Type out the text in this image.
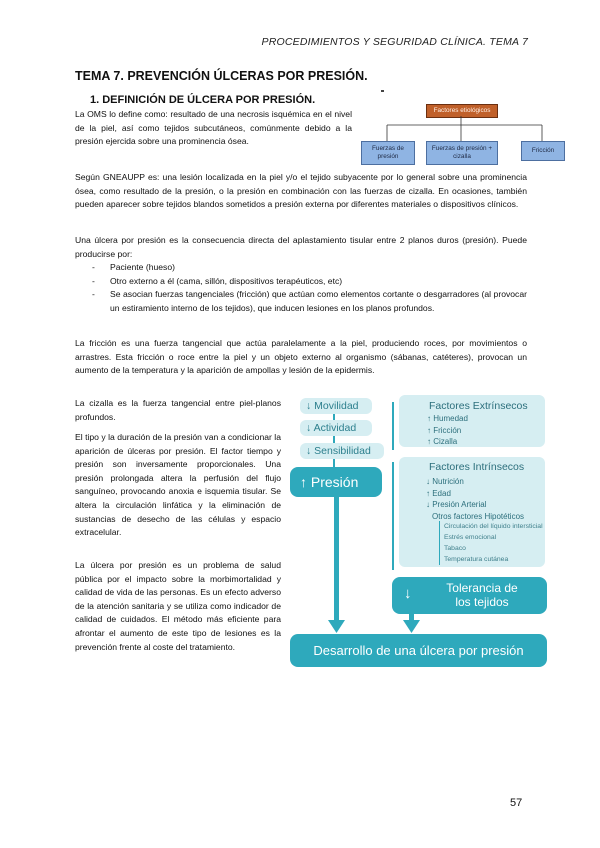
PROCEDIMIENTOS Y SEGURIDAD CLÍNICA. TEMA 7
TEMA 7. PREVENCIÓN ÚLCERAS POR PRESIÓN.
1. DEFINICIÓN DE ÚLCERA POR PRESIÓN.
La OMS lo define como: resultado de una necrosis isquémica en el nivel de la piel, así como tejidos subcutáneos, comúnmente debido a la presión ejercida sobre una prominencia ósea.
Factores etiológicos
Fuerzas de presión
Fuerzas de presión + cizalla
Fricción
Según GNEAUPP es: una lesión localizada en la piel y/o el tejido subyacente por lo general sobre una prominencia ósea, como resultado de la presión, o la presión en combinación con las fuerzas de cizalla. En ocasiones, también pueden aparecer sobre tejidos blandos sometidos a presión externa por diferentes materiales o dispositivos clínicos.
Una úlcera por presión es la consecuencia directa del aplastamiento tisular entre 2 planos duros (presión). Puede producirse por:
- Paciente (hueso)
- Otro externo a él (cama, sillón, dispositivos terapéuticos, etc)
- Se asocian fuerzas tangenciales (fricción) que actúan como elementos cortante o desgarradores (al provocar un estiramiento interno de los tejidos), que inducen lesiones en los planos profundos.
La fricción es una fuerza tangencial que actúa paralelamente a la piel, produciendo roces, por movimientos o arrastres. Esta fricción o roce entre la piel y un objeto externo al organismo (sábanas, catéteres), provocan un aumento de la temperatura y la aparición de ampollas y lesión de la epidermis.
La cizalla es la fuerza tangencial entre piel-planos profundos.
El tipo y la duración de la presión van a condicionar la aparición de úlceras por presión. El factor tiempo y presión son inversamente proporcionales. Una presión prolongada altera la perfusión del flujo sanguíneo, provocando anoxia e isquemia tisular. Se altera la circulación linfática y la eliminación de sustancias de desecho de las células y espacio extracelular.
La úlcera por presión es un problema de salud pública por el impacto sobre la morbimortalidad y calidad de vida de las personas. Es un efecto adverso de la atención sanitaria y se utiliza como indicador de calidad de cuidados. El método más eficiente para afrontar el aumento de este tipo de lesiones es la prevención frente al coste del tratamiento.
↓ Movilidad
↓ Actividad
↓ Sensibilidad
↑ Presión
Factores Extrínsecos
↑ Humedad
↑ Fricción
↑ Cizalla
Factores Intrínsecos
↓ Nutrición
↑ Edad
↓ Presión Arterial
Otros factores Hipotéticos
Circulación del líquido intersticial
Estrés emocional
Tabaco
Temperatura cutánea
↓	Tolerancia de
los tejidos
Desarrollo de una úlcera por presión
57
